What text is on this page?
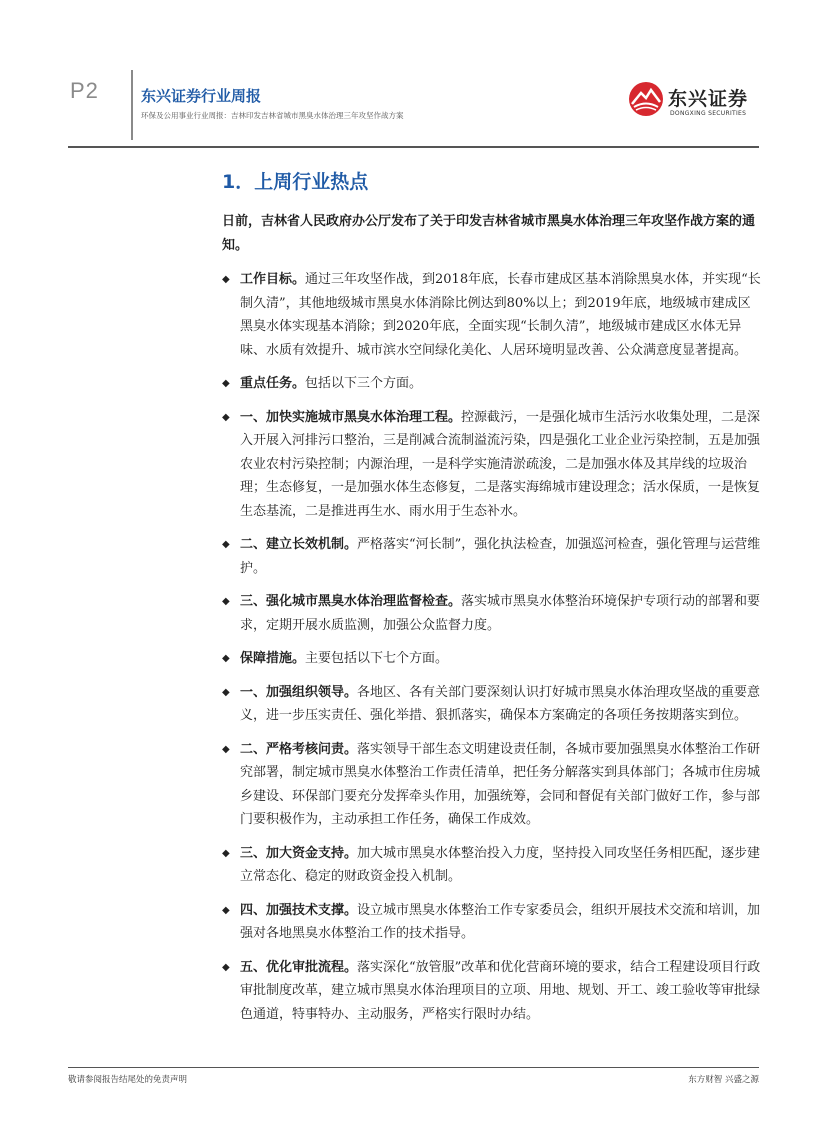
P2	东兴证券行业周报
环保及公用事业行业周报：吉林印发吉林省城市黑臭水体治理三年攻坚作战方案
东兴证券
DONGXING SECURITIES
1．上周行业热点

日前，吉林省人民政府办公厅发布了关于印发吉林省城市黑臭水体治理三年攻坚作战方案的通知。

◆ 工作目标。通过三年攻坚作战，到2018年底，长春市建成区基本消除黑臭水体，并实现“长制久清”，其他地级城市黑臭水体消除比例达到80%以上；到2019年底，地级城市建成区黑臭水体实现基本消除；到2020年底，全面实现“长制久清”，地级城市建成区水体无异味、水质有效提升、城市滨水空间绿化美化、人居环境明显改善、公众满意度显著提高。
◆ 重点任务。包括以下三个方面。
◆ 一、加快实施城市黑臭水体治理工程。控源截污，一是强化城市生活污水收集处理，二是深入开展入河排污口整治，三是削减合流制溢流污染，四是强化工业企业污染控制，五是加强农业农村污染控制；内源治理，一是科学实施清淤疏浚，二是加强水体及其岸线的垃圾治理；生态修复，一是加强水体生态修复，二是落实海绵城市建设理念；活水保质，一是恢复生态基流，二是推进再生水、雨水用于生态补水。
◆ 二、建立长效机制。严格落实“河长制”，强化执法检查，加强巡河检查，强化管理与运营维护。
◆ 三、强化城市黑臭水体治理监督检查。落实城市黑臭水体整治环境保护专项行动的部署和要求，定期开展水质监测，加强公众监督力度。
◆ 保障措施。主要包括以下七个方面。
◆ 一、加强组织领导。各地区、各有关部门要深刻认识打好城市黑臭水体治理攻坚战的重要意义，进一步压实责任、强化举措、狠抓落实，确保本方案确定的各项任务按期落实到位。
◆ 二、严格考核问责。落实领导干部生态文明建设责任制，各城市要加强黑臭水体整治工作研究部署，制定城市黑臭水体整治工作责任清单，把任务分解落实到具体部门；各城市住房城乡建设、环保部门要充分发挥牵头作用，加强统筹，会同和督促有关部门做好工作，参与部门要积极作为，主动承担工作任务，确保工作成效。
◆ 三、加大资金支持。加大城市黑臭水体整治投入力度，坚持投入同攻坚任务相匹配，逐步建立常态化、稳定的财政资金投入机制。
◆ 四、加强技术支撑。设立城市黑臭水体整治工作专家委员会，组织开展技术交流和培训，加强对各地黑臭水体整治工作的技术指导。
◆ 五、优化审批流程。落实深化“放管服”改革和优化营商环境的要求，结合工程建设项目行政审批制度改革，建立城市黑臭水体治理项目的立项、用地、规划、开工、竣工验收等审批绿色通道，特事特办、主动服务，严格实行限时办结。
敬请参阅报告结尾处的免责声明	东方财智 兴盛之源
